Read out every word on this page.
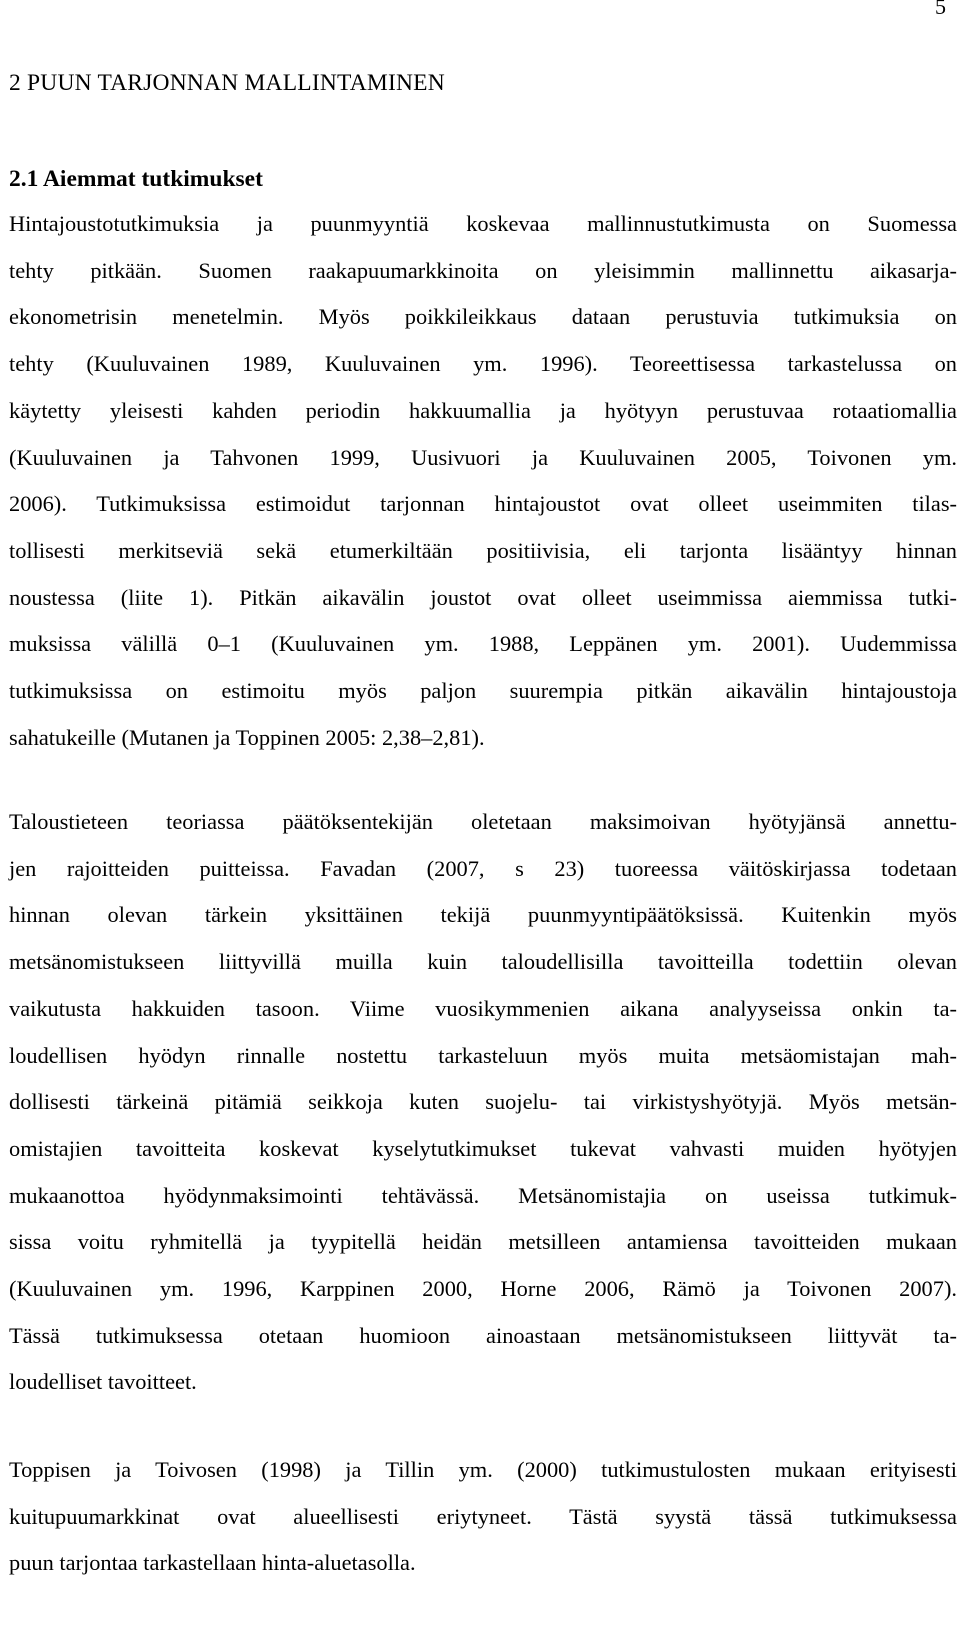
5
2 PUUN TARJONNAN MALLINTAMINEN
2.1 Aiemmat tutkimukset
Hintajoustotutkimuksia ja puunmyyntiä koskevaa mallinnustutkimusta on Suomessa
tehty pitkään. Suomen raakapuumarkkinoita on yleisimmin mallinnettu aikasarja-
ekonometrisin menetelmin. Myös poikkileikkaus dataan perustuvia tutkimuksia on
tehty (Kuuluvainen 1989, Kuuluvainen ym. 1996). Teoreettisessa tarkastelussa on
käytetty yleisesti kahden periodin hakkuumallia ja hyötyyn perustuvaa rotaatiomallia
(Kuuluvainen ja Tahvonen 1999, Uusivuori ja Kuuluvainen 2005, Toivonen ym.
2006). Tutkimuksissa estimoidut tarjonnan hintajoustot ovat olleet useimmiten tilas-
tollisesti merkitseviä sekä etumerkiltään positiivisia, eli tarjonta lisääntyy hinnan
noustessa (liite 1). Pitkän aikavälin joustot ovat olleet useimmissa aiemmissa tutki-
muksissa välillä 0–1 (Kuuluvainen ym. 1988, Leppänen ym. 2001). Uudemmissa
tutkimuksissa on estimoitu myös paljon suurempia pitkän aikavälin hintajoustoja
sahatukeille (Mutanen ja Toppinen 2005: 2,38–2,81).
Taloustieteen teoriassa päätöksentekijän oletetaan maksimoivan hyötyjänsä annettu-
jen rajoitteiden puitteissa. Favadan (2007, s 23) tuoreessa väitöskirjassa todetaan
hinnan olevan tärkein yksittäinen tekijä puunmyyntipäätöksissä. Kuitenkin myös
metsänomistukseen liittyvillä muilla kuin taloudellisilla tavoitteilla todettiin olevan
vaikutusta hakkuiden tasoon. Viime vuosikymmenien aikana analyyseissa onkin ta-
loudellisen hyödyn rinnalle nostettu tarkasteluun myös muita metsäomistajan mah-
dollisesti tärkeinä pitämiä seikkoja kuten suojelu- tai virkistyshyötyjä. Myös metsän-
omistajien tavoitteita koskevat kyselytutkimukset tukevat vahvasti muiden hyötyjen
mukaanottoa hyödynmaksimointi tehtävässä. Metsänomistajia on useissa tutkimuk-
sissa voitu ryhmitellä ja tyypitellä heidän metsilleen antamiensa tavoitteiden mukaan
(Kuuluvainen ym. 1996, Karppinen 2000, Horne 2006, Rämö ja Toivonen 2007).
Tässä tutkimuksessa otetaan huomioon ainoastaan metsänomistukseen liittyvät ta-
loudelliset tavoitteet.
Toppisen ja Toivosen (1998) ja Tillin ym. (2000) tutkimustulosten mukaan erityisesti
kuitupuumarkkinat ovat alueellisesti eriytyneet. Tästä syystä tässä tutkimuksessa
puun tarjontaa tarkastellaan hinta-aluetasolla.
